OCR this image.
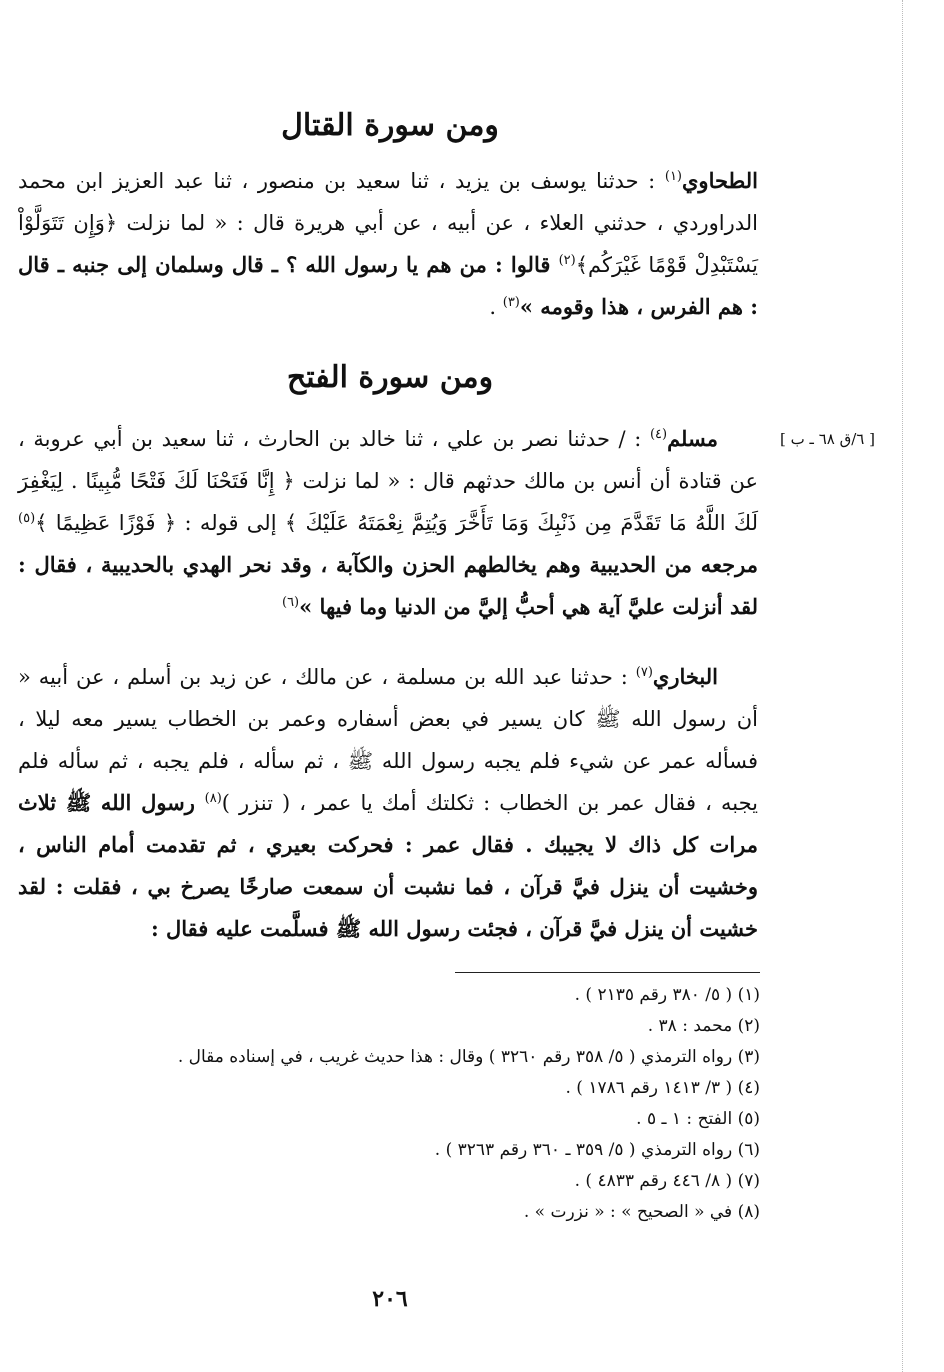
ومن سورة القتال

الطحاوي$^{(١)}$ : حدثنا يوسف بن يزيد ، ثنا سعيد بن منصور ، ثنا عبد العزيز ابن محمد الدراوردي ، حدثني العلاء ، عن أبيه ، عن أبي هريرة قال : « لما نزلت ﴿وَإِن تَتَوَلَّوْاْ يَسْتَبْدِلْ قَوْمًا غَيْرَكُم﴾$^{(٢)}$ قالوا : من هم يا رسول الله ؟ ـ قال وسلمان إلى جنبه ـ قال : هم الفرس ، هذا وقومه »$^{(٣)}$ .

ومن سورة الفتح
[ ٦/ق ٦٨ ـ ب ]

مسلم$^{(٤)}$ : / حدثنا نصر بن علي ، ثنا خالد بن الحارث ، ثنا سعيد بن أبي عروبة ، عن قتادة أن أنس بن مالك حدثهم قال : « لما نزلت ﴿ إِنَّا فَتَحْنَا لَكَ فَتْحًا مُّبِينًا . لِيَغْفِرَ لَكَ اللَّهُ مَا تَقَدَّمَ مِن ذَنْبِكَ وَمَا تَأَخَّرَ وَيُتِمَّ نِعْمَتَهُ عَلَيْكَ ﴾ إلى قوله : ﴿ فَوْزًا عَظِيمًا ﴾$^{(٥)}$ مرجعه من الحديبية وهم يخالطهم الحزن والكآبة ، وقد نحر الهدي بالحديبية ، فقال : لقد أنزلت عليَّ آية هي أحبُّ إليَّ من الدنيا وما فيها »$^{(٦)}$

البخاري$^{(٧)}$ : حدثنا عبد الله بن مسلمة ، عن مالك ، عن زيد بن أسلم ، عن أبيه « أن رسول الله ﷺ كان يسير في بعض أسفاره وعمر بن الخطاب يسير معه ليلا ، فسأله عمر عن شيء فلم يجبه رسول الله ﷺ ، ثم سأله ، فلم يجبه ، ثم سأله فلم يجبه ، فقال عمر بن الخطاب : ثكلتك أمك يا عمر ، ( تنزر )$^{(٨)}$ رسول الله ﷺ ثلاث مرات كل ذاك لا يجيبك . فقال عمر : فحركت بعيري ، ثم تقدمت أمام الناس ، وخشيت أن ينزل فيَّ قرآن ، فما نشبت أن سمعت صارخًا يصرخ بي ، فقلت : لقد خشيت أن ينزل فيَّ قرآن ، فجئت رسول الله ﷺ فسلَّمت عليه فقال :

(١) ( ٥/ ٣٨٠ رقم ٢١٣٥ ) .
(٢) محمد : ٣٨ .
(٣) رواه الترمذي ( ٥/ ٣٥٨ رقم ٣٢٦٠ ) وقال : هذا حديث غريب ، في إسناده مقال .
(٤) ( ٣/ ١٤١٣ رقم ١٧٨٦ ) .
(٥) الفتح : ١ ـ ٥ .
(٦) رواه الترمذي ( ٥/ ٣٥٩ ـ ٣٦٠ رقم ٣٢٦٣ ) .
(٧) ( ٨/ ٤٤٦ رقم ٤٨٣٣ ) .
(٨) في « الصحيح » : « نزرت » .
٢٠٦
